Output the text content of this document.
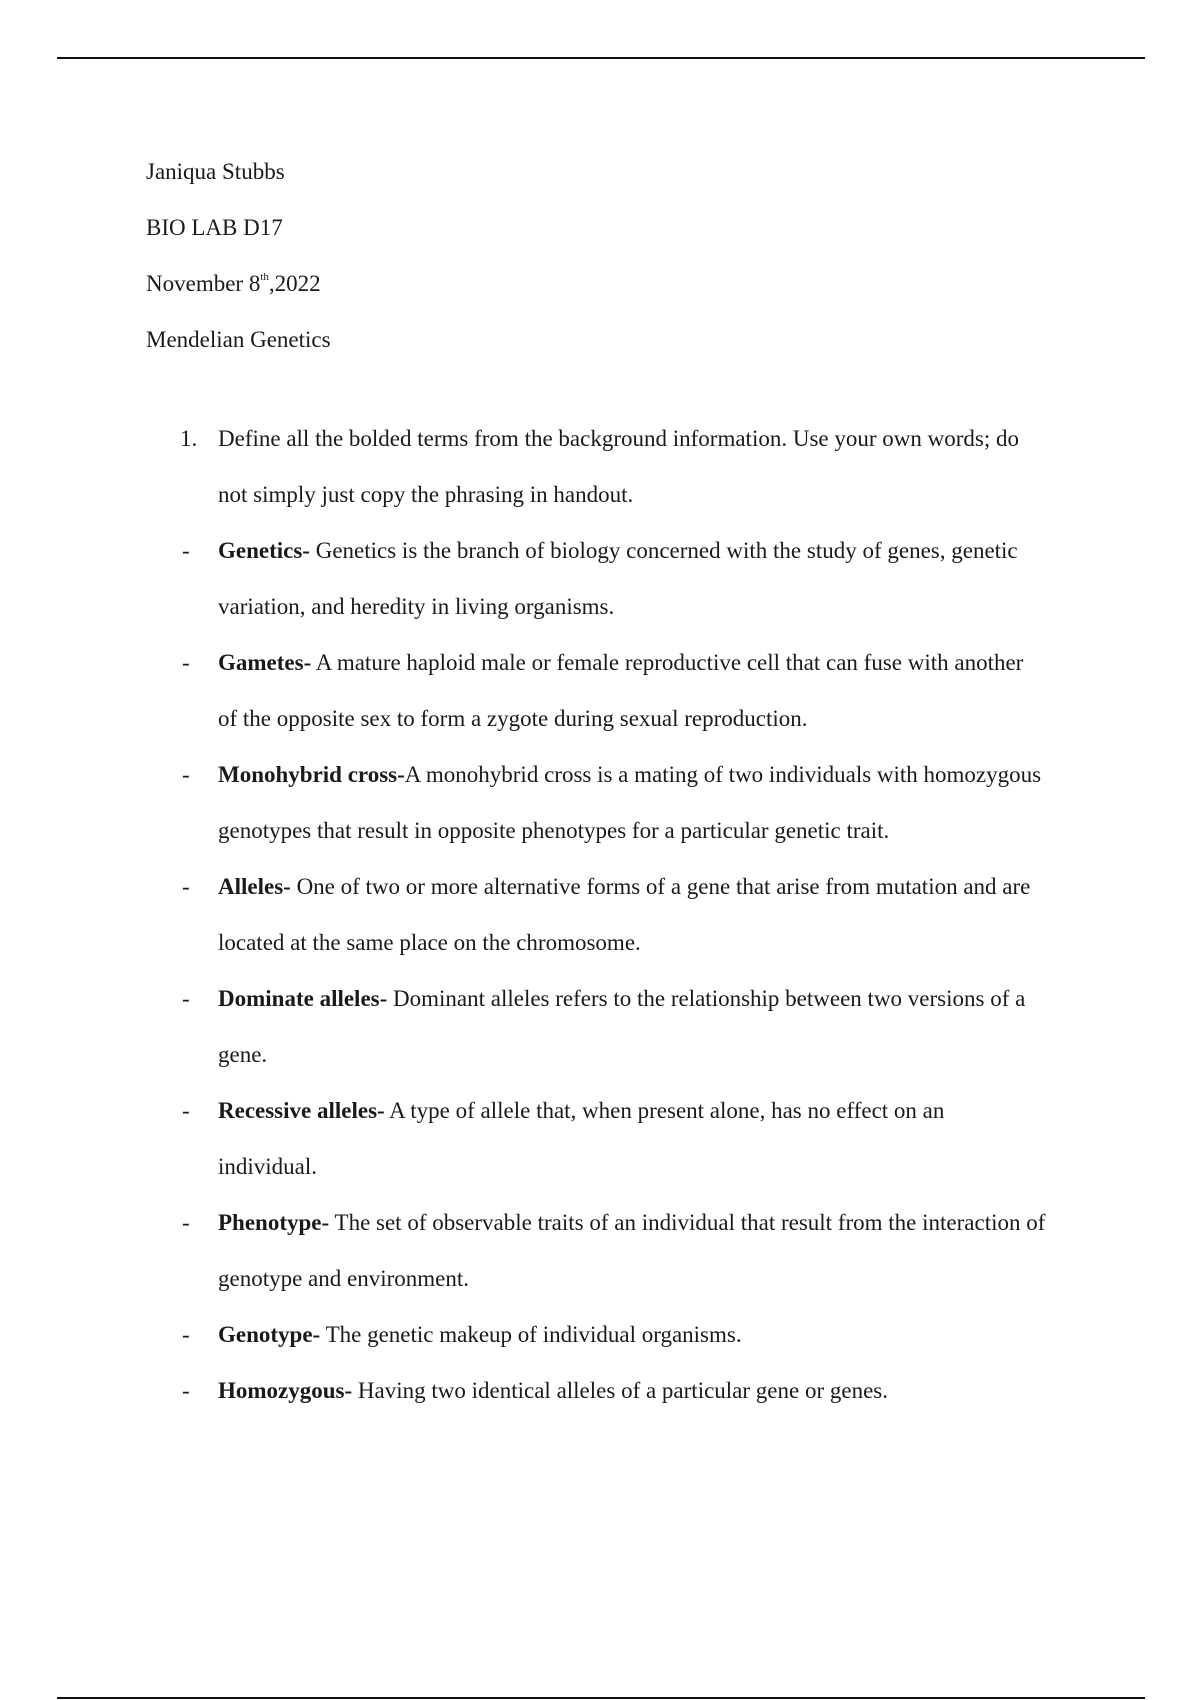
Janiqua Stubbs
BIO LAB D17
November 8th,2022
Mendelian Genetics
1. Define all the bolded terms from the background information. Use your own words; do
not simply just copy the phrasing in handout.
-	Genetics- Genetics is the branch of biology concerned with the study of genes, genetic
variation, and heredity in living organisms.
-	Gametes- A mature haploid male or female reproductive cell that can fuse with another
of the opposite sex to form a zygote during sexual reproduction.
-	Monohybrid cross-A monohybrid cross is a mating of two individuals with homozygous
genotypes that result in opposite phenotypes for a particular genetic trait.
-	Alleles- One of two or more alternative forms of a gene that arise from mutation and are
located at the same place on the chromosome.
-	Dominate alleles- Dominant alleles refers to the relationship between two versions of a
gene.
-	Recessive alleles- A type of allele that, when present alone, has no effect on an
individual.
-	Phenotype- The set of observable traits of an individual that result from the interaction of
genotype and environment.
-	Genotype- The genetic makeup of individual organisms.
-	Homozygous- Having two identical alleles of a particular gene or genes.
